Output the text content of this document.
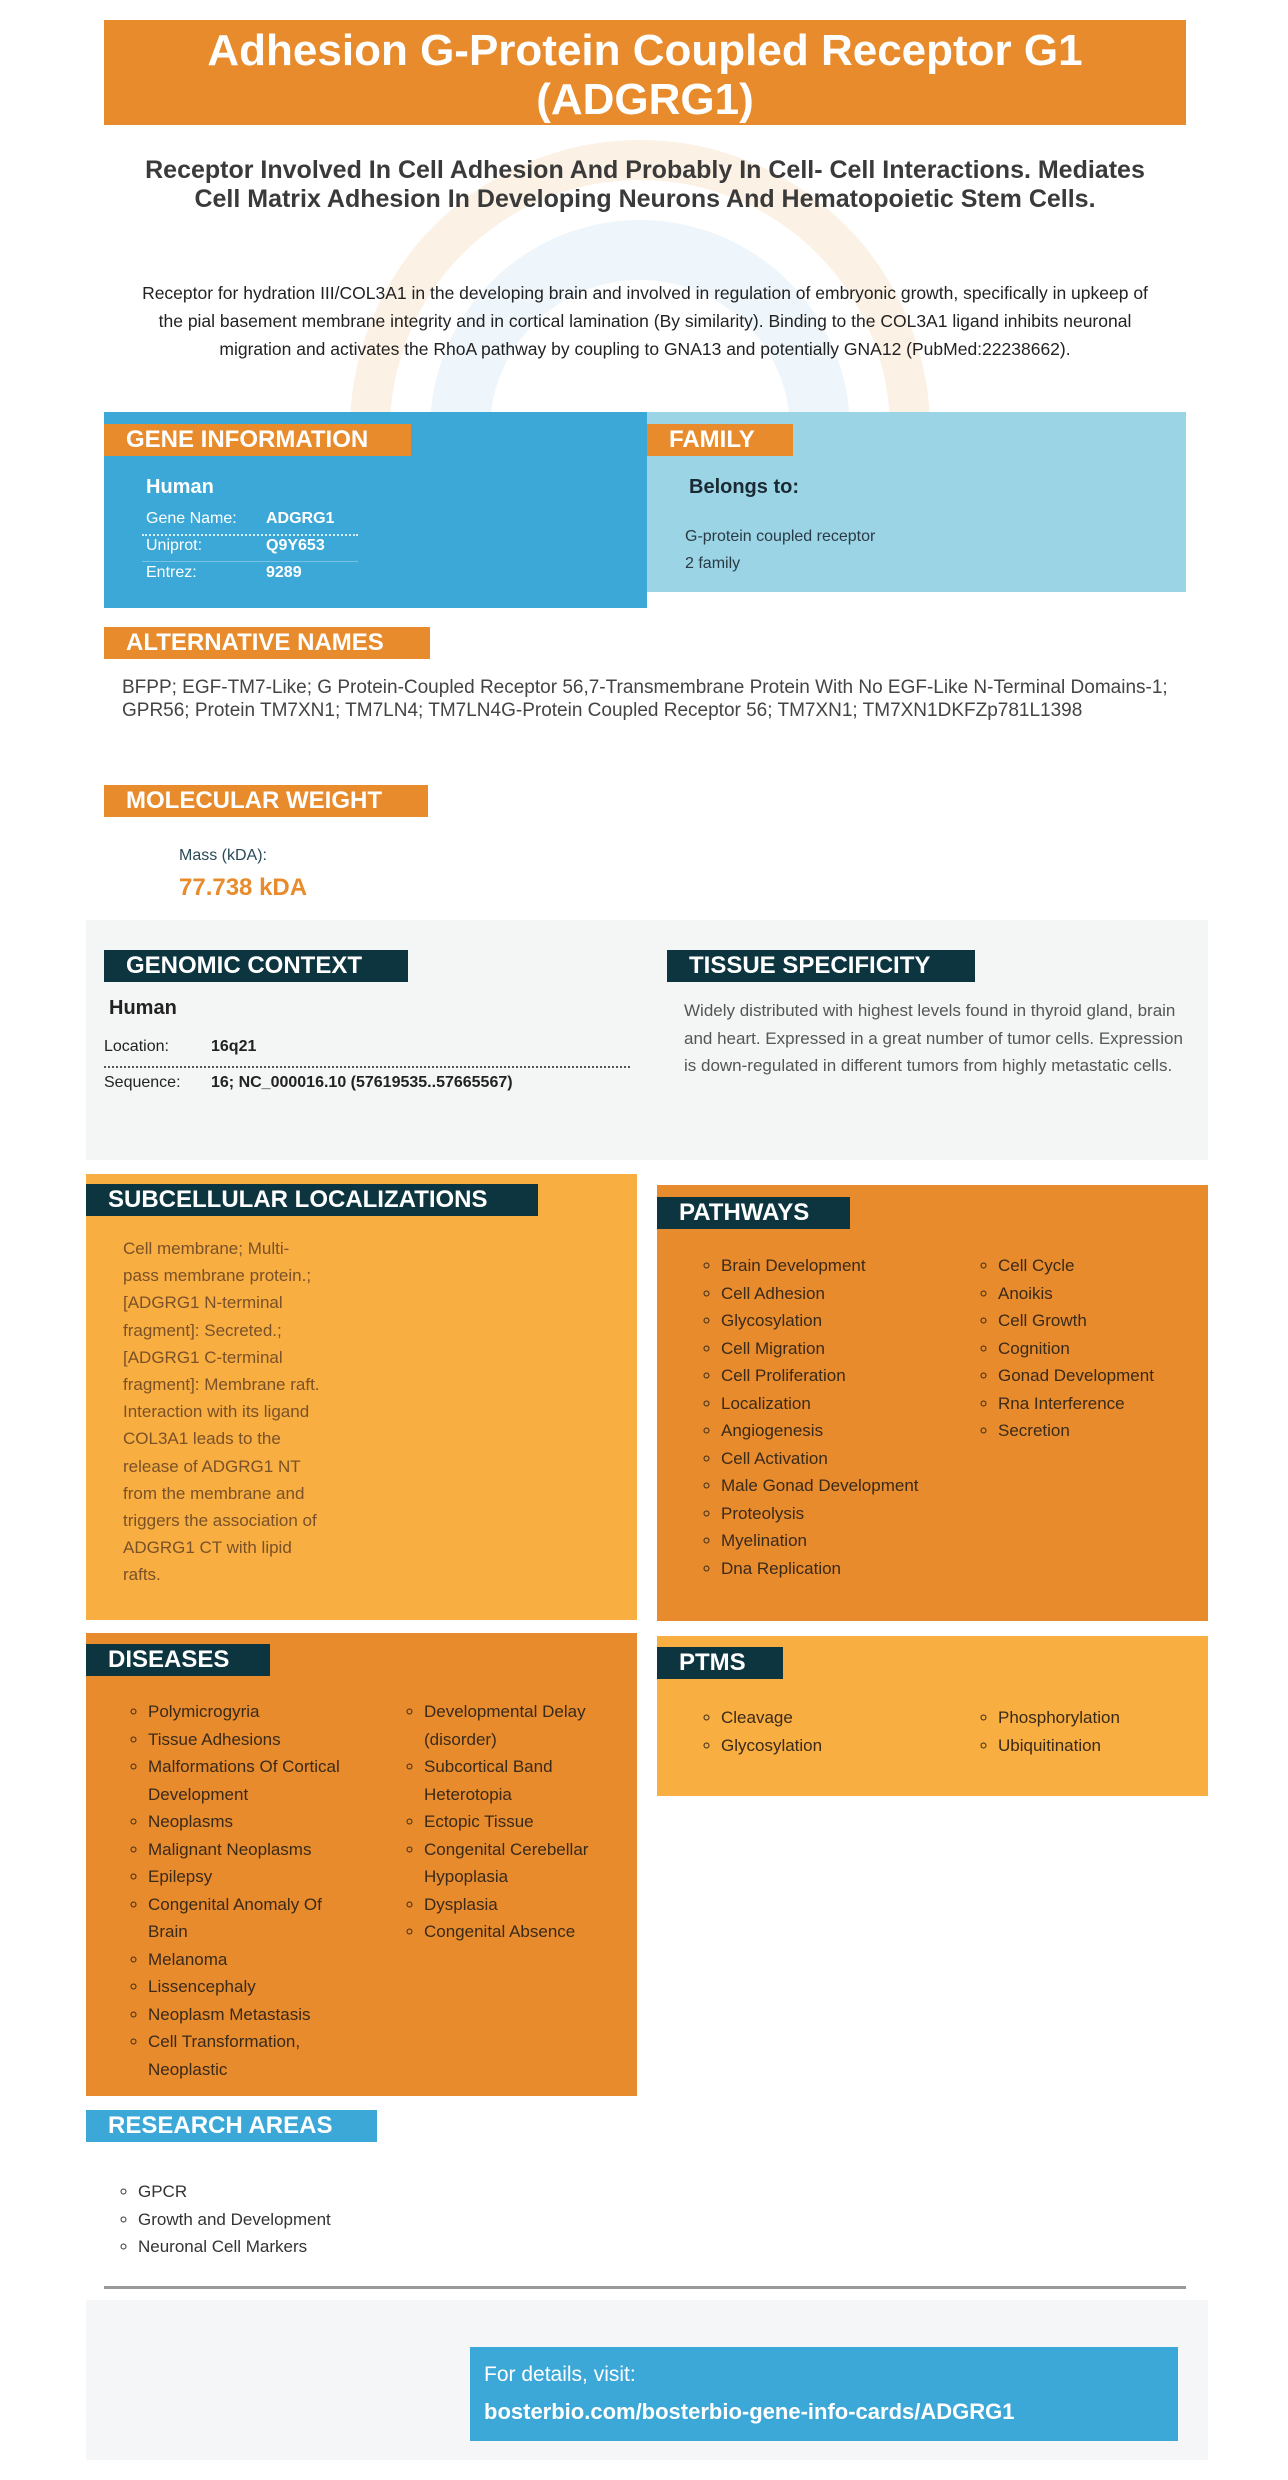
Adhesion G-Protein Coupled Receptor G1 (ADGRG1)
Receptor Involved In Cell Adhesion And Probably In Cell- Cell Interactions. Mediates Cell Matrix Adhesion In Developing Neurons And Hematopoietic Stem Cells.
Receptor for hydration III/COL3A1 in the developing brain and involved in regulation of embryonic growth, specifically in upkeep of the pial basement membrane integrity and in cortical lamination (By similarity). Binding to the COL3A1 ligand inhibits neuronal migration and activates the RhoA pathway by coupling to GNA13 and potentially GNA12 (PubMed:22238662).
GENE INFORMATION
Human
Gene Name: ADGRG1
Uniprot:	Q9Y653
Entrez:	9289
FAMILY
Belongs to:
G-protein coupled receptor
2 family
ALTERNATIVE NAMES
BFPP; EGF-TM7-Like; G Protein-Coupled Receptor 56,7-Transmembrane Protein With No EGF-Like N-Terminal Domains-1; GPR56; Protein TM7XN1; TM7LN4; TM7LN4G-Protein Coupled Receptor 56; TM7XN1; TM7XN1DKFZp781L1398
MOLECULAR WEIGHT
Mass (kDA):
77.738 kDA
GENOMIC CONTEXT
Human
Location:	16q21
Sequence: 16; NC_000016.10 (57619535..57665567)
TISSUE SPECIFICITY
Widely distributed with highest levels found in thyroid gland, brain and heart. Expressed in a great number of tumor cells. Expression is down-regulated in different tumors from highly metastatic cells.
SUBCELLULAR LOCALIZATIONS
Cell membrane; Multi-pass membrane protein.; [ADGRG1 N-terminal fragment]: Secreted.; [ADGRG1 C-terminal fragment]: Membrane raft. Interaction with its ligand COL3A1 leads to the release of ADGRG1 NT from the membrane and triggers the association of ADGRG1 CT with lipid rafts.
PATHWAYS
◦ Brain Development
◦ Cell Adhesion
◦ Glycosylation
◦ Cell Migration
◦ Cell Proliferation
◦ Localization
◦ Angiogenesis
◦ Cell Activation
◦ Male Gonad Development
◦ Proteolysis
◦ Myelination
◦ Dna Replication
◦ Cell Cycle
◦ Anoikis
◦ Cell Growth
◦ Cognition
◦ Gonad Development
◦ Rna Interference
◦ Secretion
DISEASES
◦ Polymicrogyria
◦ Tissue Adhesions
◦ Malformations Of Cortical Development
◦ Neoplasms
◦ Malignant Neoplasms
◦ Epilepsy
◦ Congenital Anomaly Of Brain
◦ Melanoma
◦ Lissencephaly
◦ Neoplasm Metastasis
◦ Cell Transformation, Neoplastic
◦ Developmental Delay (disorder)
◦ Subcortical Band Heterotopia
◦ Ectopic Tissue
◦ Congenital Cerebellar Hypoplasia
◦ Dysplasia
◦ Congenital Absence
PTMS
◦ Cleavage
◦ Glycosylation
◦ Phosphorylation
◦ Ubiquitination
RESEARCH AREAS
◦ GPCR
◦ Growth and Development
◦ Neuronal Cell Markers
For details, visit:
bosterbio.com/bosterbio-gene-info-cards/ADGRG1
